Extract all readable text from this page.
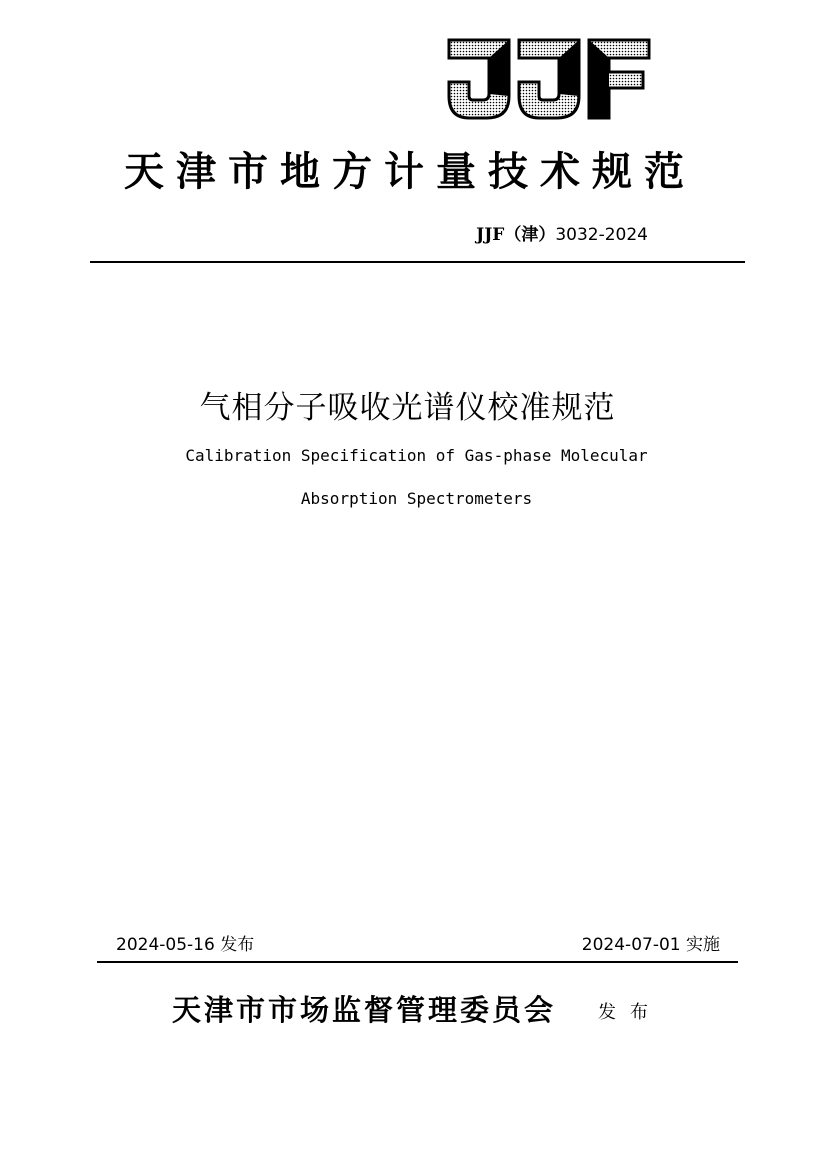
天津市地方计量技术规范
JJF（津）3032-2024
气相分子吸收光谱仪校准规范
Calibration Specification of Gas-phase Molecular
Absorption Spectrometers
2024-05-16 发布	2024-07-01 实施
天津市市场监督管理委员会 发布
